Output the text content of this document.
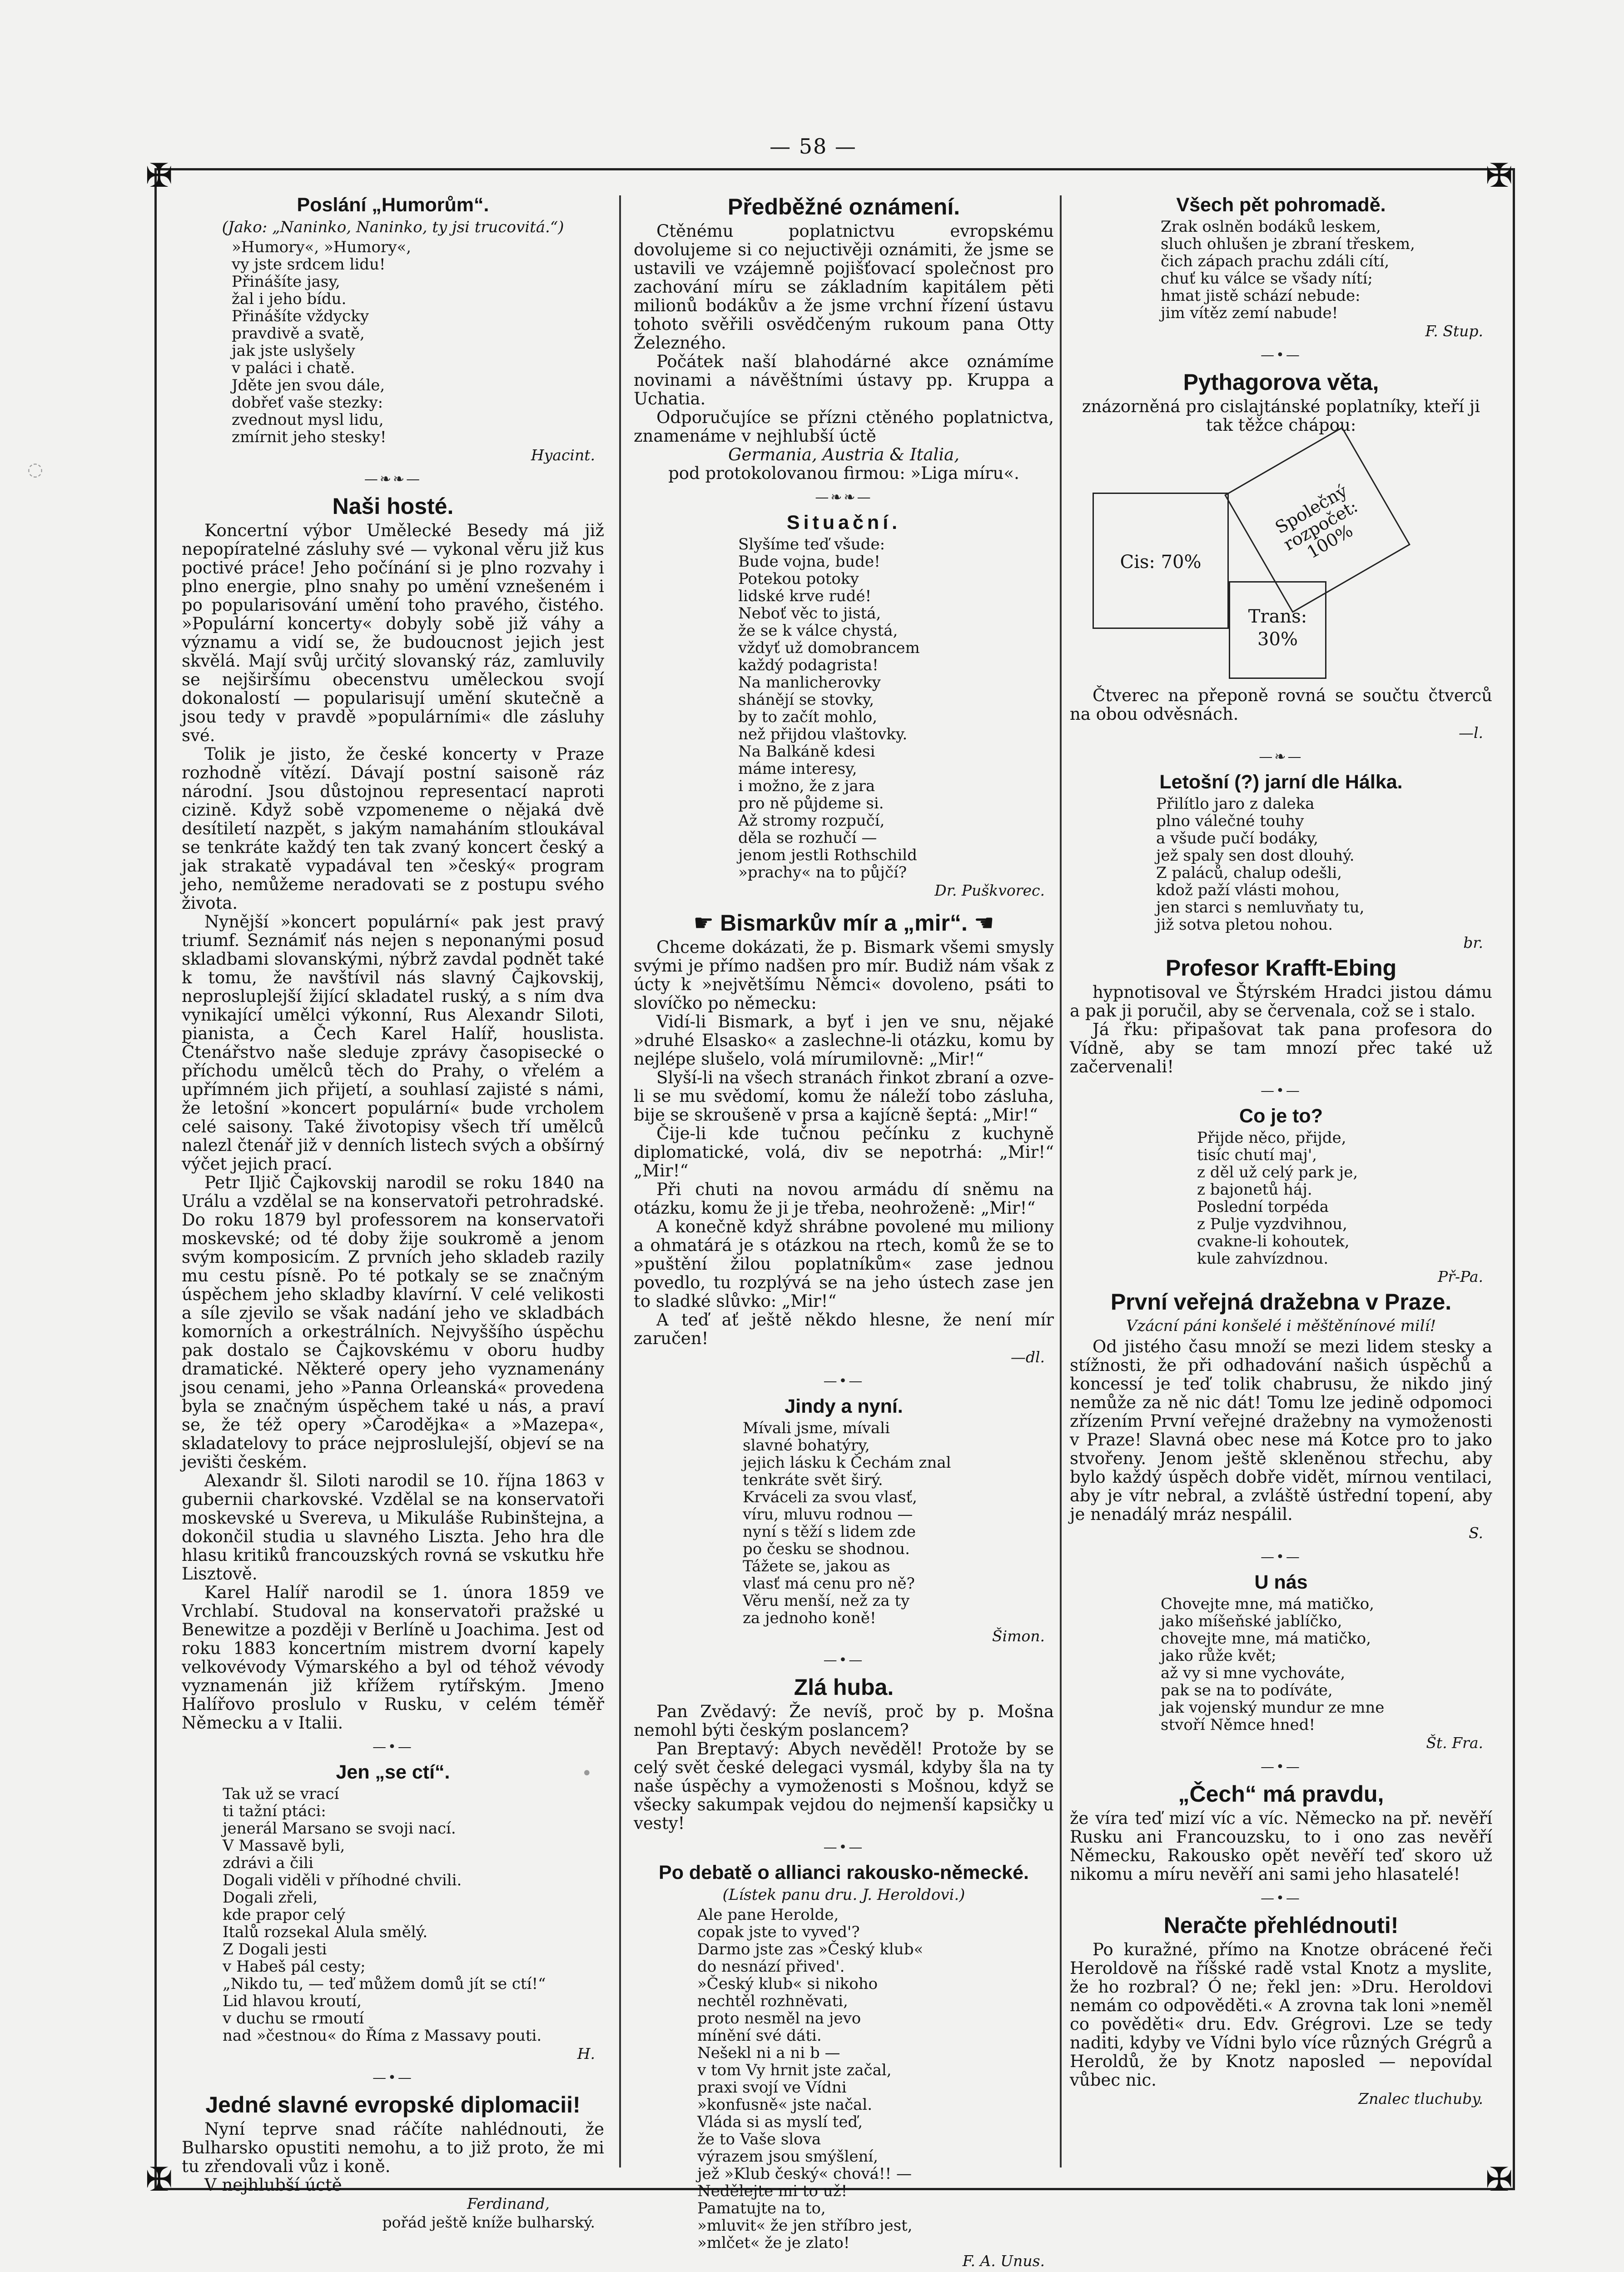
— 58 —
✠	✠
✠	✠
◌
•
Poslání „Humorům“.
(Jako: „Naninko, Naninko, ty jsi trucovitá.“)
»Humory«, »Humory«,
vy jste srdcem lidu!
Přinášíte jasy,
žal i jeho bídu.
Přinášíte vždycky
pravdivě a svatě,
jak jste uslyšely
v paláci i chatě.
Jděte jen svou dále,
dobřeť vaše stezky:
zvednout mysl lidu,
zmírnit jeho stesky!
Hyacint.
—❧❧—
Naši hosté.

Koncertní výbor Umělecké Besedy má již nepopíratelné zásluhy své — vykonal věru již kus poctivé práce! Jeho počínání si je plno rozvahy i plno energie, plno snahy po umění vznešeném i po popularisování umění toho pravého, čistého. »Populární koncerty« dobyly sobě již váhy a významu a vidí se, že budoucnost jejich jest skvělá. Mají svůj určitý slovanský ráz, zamluvily se nejširšímu obecenstvu uměleckou svojí dokonalostí — popularisují umění skutečně a jsou tedy v pravdě »populárními« dle zásluhy své.

Tolik je jisto, že české koncerty v Praze rozhodně vítězí. Dávají postní saisoně ráz národní. Jsou důstojnou representací naproti cizině. Když sobě vzpomeneme o nějaká dvě desítiletí nazpět, s jakým namaháním stloukával se tenkráte každý ten tak zvaný koncert český a jak strakatě vypadával ten »český« program jeho, nemůžeme neradovati se z postupu svého života.

Nynější »koncert populární« pak jest pravý triumf. Seznámiť nás nejen s neponanými posud skladbami slovanskými, nýbrž zavdal podnět také k tomu, že navštívil nás slavný Čajkovskij, neprosluplejší žijící skladatel ruský, a s ním dva vynikající umělci výkonní, Rus Alexandr Siloti, pianista, a Čech Karel Halíř, houslista. Čtenářstvo naše sleduje zprávy časopisecké o příchodu umělců těch do Prahy, o vřelém a upřímném jich přijetí, a souhlasí zajisté s námi, že letošní »koncert populární« bude vrcholem celé saisony. Také životopisy všech tří umělců nalezl čtenář již v denních listech svých a obšírný výčet jejich prací.

Petr Iljič Čajkovskij narodil se roku 1840 na Urálu a vzdělal se na konservatoři petrohradské. Do roku 1879 byl professorem na konservatoři moskevské; od té doby žije soukromě a jenom svým komposicím. Z prvních jeho skladeb razily mu cestu písně. Po té potkaly se se značným úspěchem jeho skladby klavírní. V celé velikosti a síle zjevilo se však nadání jeho ve skladbách komorních a orkestrálních. Nejvyššího úspěchu pak dostalo se Čajkovskému v oboru hudby dramatické. Některé opery jeho vyznamenány jsou cenami, jeho »Panna Orleanská« provedena byla se značným úspěchem také u nás, a praví se, že též opery »Čarodějka« a »Mazepa«, skladatelovy to práce nejproslulejší, objeví se na jevišti českém.

Alexandr šl. Siloti narodil se 10. října 1863 v gubernii charkovské. Vzdělal se na konservatoři moskevské u Svereva, u Mikuláše Rubinštejna, a dokončil studia u slavného Liszta. Jeho hra dle hlasu kritiků francouzských rovná se vskutku hře Lisztově.

Karel Halíř narodil se 1. února 1859 ve Vrchlabí. Studoval na konservatoři pražské u Benewitze a později v Berlíně u Joachima. Jest od roku 1883 koncertním mistrem dvorní kapely velkovévody Výmarského a byl od téhož vévody vyznamenán již křížem rytířským. Jmeno Halířovo proslulo v Rusku, v celém téměř Německu a v Italii.

—•—
Jen „se ctí“.
Tak už se vrací
ti tažní ptáci:
jenerál Marsano se svoji nací.
V Massavě byli,
zdrávi a čili
Dogali viděli v příhodné chvili.
Dogali zřeli,
kde prapor celý
Italů rozsekal Alula smělý.
Z Dogali jesti
v Habeš pál cesty;
„Nikdo tu, — teď můžem domů jít se ctí!“
Lid hlavou kroutí,
v duchu se rmoutí
nad »čestnou« do Říma z Massavy pouti.
H.
—•—
Jedné slavné evropské diplomacii!

Nyní teprve snad ráčíte nahlédnouti, že Bulharsko opustiti nemohu, a to již proto, že mi tu zřendovali vůz i koně.

V nejhlubší úctě

Ferdinand,
pořád ještě kníže bulharský.
Předběžné oznámení.

Ctěnému poplatnictvu evropskému dovolujeme si co nejuctivěji oznámiti, že jsme se ustavili ve vzájemně pojišťovací společnost pro zachování míru se základním kapitálem pěti milionů bodákův a že jsme vrchní řízení ústavu tohoto svěřili osvědčeným rukoum pana Otty Železného.

Počátek naší blahodárné akce oznámíme novinami a návěštními ústavy pp. Kruppa a Uchatia.

Odporučujíce se přízni ctěného poplatnictva, znamenáme v nejhlubší úctě

Germania, Austria & Italia,

pod protokolovanou firmou: »Liga míru«.

—❧❧—
Situační.
Slyšíme teď všude:
Bude vojna, bude!
Potekou potoky
lidské krve rudé!
Neboť věc to jistá,
že se k válce chystá,
vždyť už domobrancem
každý podagrista!
Na manlicherovky
shánějí se stovky,
by to začít mohlo,
než přijdou vlaštovky.
Na Balkáně kdesi
máme interesy,
i možno, že z jara
pro ně půjdeme si.
Až stromy rozpučí,
děla se rozhučí —
jenom jestli Rothschild
»prachy« na to půjčí?
Dr. Puškvorec.
☛ Bismarkův mír a „mir“. ☚

Chceme dokázati, že p. Bismark všemi smysly svými je přímo nadšen pro mír. Budiž nám však z úcty k »největšímu Němci« dovoleno, psáti to slovíčko po německu:

Vidí-li Bismark, a byť i jen ve snu, nějaké »druhé Elsasko« a zaslechne-li otázku, komu by nejlépe slušelo, volá mírumilovně: „Mir!“

Slyší-li na všech stranách řinkot zbraní a ozve-li se mu svědomí, komu že náleží tobo zásluha, bije se skroušeně v prsa a kajícně šeptá: „Mir!“

Čije-li kde tučnou pečínku z kuchyně diplomatické, volá, div se nepotrhá: „Mir!“ „Mir!“

Při chuti na novou armádu dí sněmu na otázku, komu že ji je třeba, neohroženě: „Mir!“

A konečně když shrábne povolené mu miliony a ohmatárá je s otázkou na rtech, komů že se to »puštění žilou poplatníkům« zase jednou povedlo, tu rozplývá se na jeho ústech zase jen to sladké slůvko: „Mir!“

A teď ať ještě někdo hlesne, že není mír zaručen!

—dl.
—•—
Jindy a nyní.
Mívali jsme, mívali
slavné bohatýry,
jejich lásku k Čechám znal
tenkráte svět širý.
Krváceli za svou vlasť,
víru, mluvu rodnou —
nyní s těží s lidem zde
po česku se shodnou.
Tážete se, jakou as
vlasť má cenu pro ně?
Věru menší, než za ty
za jednoho koně!
Šimon.
—•—
Zlá huba.

Pan Zvědavý: Že nevíš, proč by p. Mošna nemohl býti českým poslancem?

Pan Breptavý: Abych nevěděl! Protože by se celý svět české delegaci vysmál, kdyby šla na ty naše úspěchy a vymoženosti s Mošnou, když se všecky sakumpak vejdou do nejmenší kapsičky u vesty!

—•—
Po debatě o allianci rakousko-německé.
(Lístek panu dru. J. Heroldovi.)
Ale pane Herolde,
copak jste to vyved'?
Darmo jste zas »Český klub«
do nesnází přived'.
»Český klub« si nikoho
nechtěl rozhněvati,
proto nesměl na jevo
mínění své dáti.
Nešekl ni a ni b —
v tom Vy hrnit jste začal,
praxi svojí ve Vídni
»konfusně« jste načal.
Vláda si as myslí teď,
že to Vaše slova
výrazem jsou smýšlení,
jež »Klub český« chová!! —
Nedělejte mi to už!
Pamatujte na to,
»mluvit« že jen stříbro jest,
»mlčet« že je zlato!
F. A. Unus.
Všech pět pohromadě.
Zrak oslněn bodáků leskem,
sluch ohlušen je zbraní třeskem,
čich zápach prachu zdáli cítí,
chuť ku válce se všady nítí;
hmat jistě schází nebude:
jim vítěz zemí nabude!
F. Stup.
—•—
Pythagorova věta,

znázorněná pro cislajtánské poplatníky, kteří ji tak těžce chápou:

Cis: 70%
Společný rozpočet: 100%
Trans:
30%

Čtverec na přeponě rovná se součtu čtverců na obou odvěsnách.

—l.
—❧—
Letošní (?) jarní dle Hálka.
Přilítlo jaro z daleka
plno válečné touhy
a všude pučí bodáky,
jež spaly sen dost dlouhý.
Z paláců, chalup odešli,
kdož paží vlásti mohou,
jen starci s nemluvňaty tu,
již sotva pletou nohou.
br.
Profesor Krafft-Ebing

hypnotisoval ve Štýrském Hradci jistou dámu a pak ji poručil, aby se červenala, což se i stalo.

Já řku: připašovat tak pana profesora do Vídně, aby se tam mnozí přec také už začervenali!

—•—
Co je to?
Přijde něco, přijde,
tisíc chutí maj',
z děl už celý park je,
z bajonetů háj.
Poslední torpéda
z Pulje vyzdvihnou,
cvakne-li kohoutek,
kule zahvízdnou.
Př-Pa.
První veřejná dražebna v Praze.
Vzácní páni konšelé i měštěnínové milí!

Od jistého času množí se mezi lidem stesky a stížnosti, že při odhadování našich úspěchů a koncessí je teď tolik chabrusu, že nikdo jiný nemůže za ně nic dát! Tomu lze jedině odpomoci zřízením První veřejné dražebny na vymoženosti v Praze! Slavná obec nese má Kotce pro to jako stvořeny. Jenom ještě skleněnou střechu, aby bylo každý úspěch dobře vidět, mírnou ventilaci, aby je vítr nebral, a zvláště ústřední topení, aby je nenadálý mráz nespálil.

S.
—•—
U nás
Chovejte mne, má matičko,
jako míšeňské jablíčko,
chovejte mne, má matičko,
jako růže květ;
až vy si mne vychováte,
pak se na to podíváte,
jak vojenský mundur ze mne
stvoří Němce hned!
Št. Fra.
—•—
„Čech“ má pravdu,

že víra teď mizí víc a víc. Německo na př. nevěří Rusku ani Francouzsku, to i ono zas nevěří Německu, Rakousko opět nevěří teď skoro už nikomu a míru nevěří ani sami jeho hlasatelé!

—•—
Neračte přehlédnouti!

Po kuražné, přímo na Knotze obrácené řeči Heroldově na říšské radě vstal Knotz a myslite, že ho rozbral? Ó ne; řekl jen: »Dru. Heroldovi nemám co odpověděti.« A zrovna tak loni »neměl co pověděti« dru. Edv. Grégrovi. Lze se tedy naditi, kdyby ve Vídni bylo více různých Grégrů a Heroldů, že by Knotz naposled — nepovídal vůbec nic.

Znalec tluchuby.
